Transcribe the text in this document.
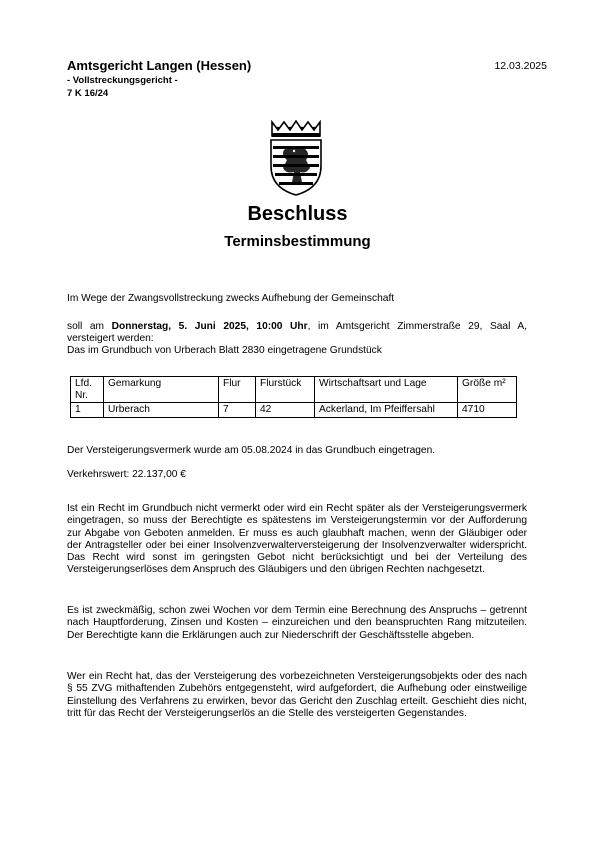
Amtsgericht Langen (Hessen)
- Vollstreckungsgericht -
7 K 16/24
12.03.2025
Beschluss
Terminsbestimmung
Im Wege der Zwangsvollstreckung zwecks Aufhebung der Gemeinschaft
soll am Donnerstag, 5. Juni 2025, 10:00 Uhr, im Amtsgericht Zimmerstraße 29, Saal A,
versteigert werden:
Das im Grundbuch von Urberach Blatt 2830 eingetragene Grundstück
Lfd. Nr.	Gemarkung	Flur	Flurstück	Wirtschaftsart und Lage	Größe m²
1	Urberach	7	42	Ackerland, Im Pfeiffersahl	4710
Der Versteigerungsvermerk wurde am 05.08.2024 in das Grundbuch eingetragen.
Verkehrswert: 22.137,00 €
Ist ein Recht im Grundbuch nicht vermerkt oder wird ein Recht später als der Versteigerungsvermerk eingetragen, so muss der Berechtigte es spätestens im Versteigerungstermin vor der Aufforderung zur Abgabe von Geboten anmelden. Er muss es auch glaubhaft machen, wenn der Gläubiger oder der Antragsteller oder bei einer Insolvenzverwalterversteigerung der Insolvenzverwalter widerspricht. Das Recht wird sonst im geringsten Gebot nicht berücksichtigt und bei der Verteilung des Versteigerungserlöses dem Anspruch des Gläubigers und den übrigen Rechten nachgesetzt.
Es ist zweckmäßig, schon zwei Wochen vor dem Termin eine Berechnung des Anspruchs – getrennt nach Hauptforderung, Zinsen und Kosten – einzureichen und den beanspruchten Rang mitzuteilen. Der Berechtigte kann die Erklärungen auch zur Niederschrift der Geschäftsstelle abgeben.
Wer ein Recht hat, das der Versteigerung des vorbezeichneten Versteigerungsobjekts oder des nach § 55 ZVG mithaftenden Zubehörs entgegensteht, wird aufgefordert, die Aufhebung oder einstweilige Einstellung des Verfahrens zu erwirken, bevor das Gericht den Zuschlag erteilt. Geschieht dies nicht, tritt für das Recht der Versteigerungserlös an die Stelle des versteigerten Gegenstandes.
